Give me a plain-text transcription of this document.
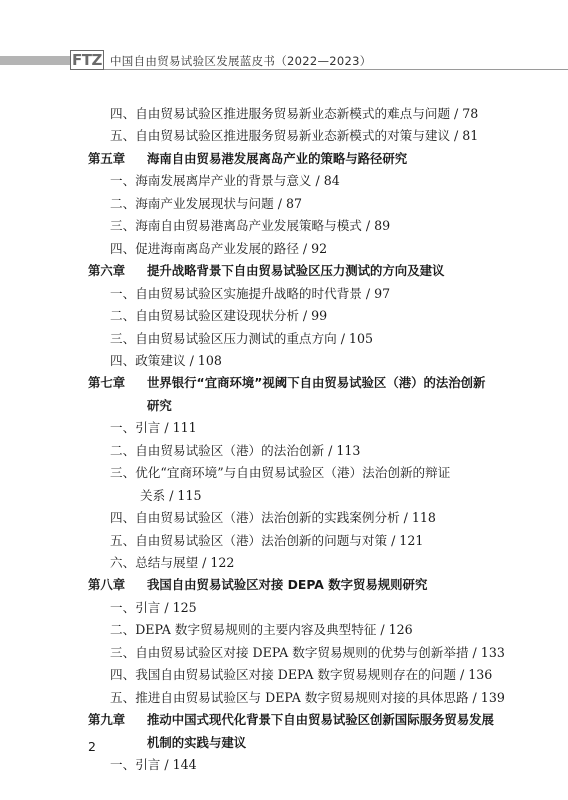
FTZ 中国自由贸易试验区发展蓝皮书（2022—2023）
四、自由贸易试验区推进服务贸易新业态新模式的难点与问题 / 78
五、自由贸易试验区推进服务贸易新业态新模式的对策与建议 / 81
第五章 海南自由贸易港发展离岛产业的策略与路径研究
一、海南发展离岸产业的背景与意义 / 84
二、海南产业发展现状与问题 / 87
三、海南自由贸易港离岛产业发展策略与模式 / 89
四、促进海南离岛产业发展的路径 / 92
第六章 提升战略背景下自由贸易试验区压力测试的方向及建议
一、自由贸易试验区实施提升战略的时代背景 / 97
二、自由贸易试验区建设现状分析 / 99
三、自由贸易试验区压力测试的重点方向 / 105
四、政策建议 / 108
第七章 世界银行“宜商环境”视阈下自由贸易试验区（港）的法治创新
研究
一、引言 / 111
二、自由贸易试验区（港）的法治创新 / 113
三、优化“宜商环境”与自由贸易试验区（港）法治创新的辩证
关系 / 115
四、自由贸易试验区（港）法治创新的实践案例分析 / 118
五、自由贸易试验区（港）法治创新的问题与对策 / 121
六、总结与展望 / 122
第八章 我国自由贸易试验区对接 DEPA 数字贸易规则研究
一、引言 / 125
二、DEPA 数字贸易规则的主要内容及典型特征 / 126
三、自由贸易试验区对接 DEPA 数字贸易规则的优势与创新举措 / 133
四、我国自由贸易试验区对接 DEPA 数字贸易规则存在的问题 / 136
五、推进自由贸易试验区与 DEPA 数字贸易规则对接的具体思路 / 139
第九章 推动中国式现代化背景下自由贸易试验区创新国际服务贸易发展
机制的实践与建议
一、引言 / 144
2
